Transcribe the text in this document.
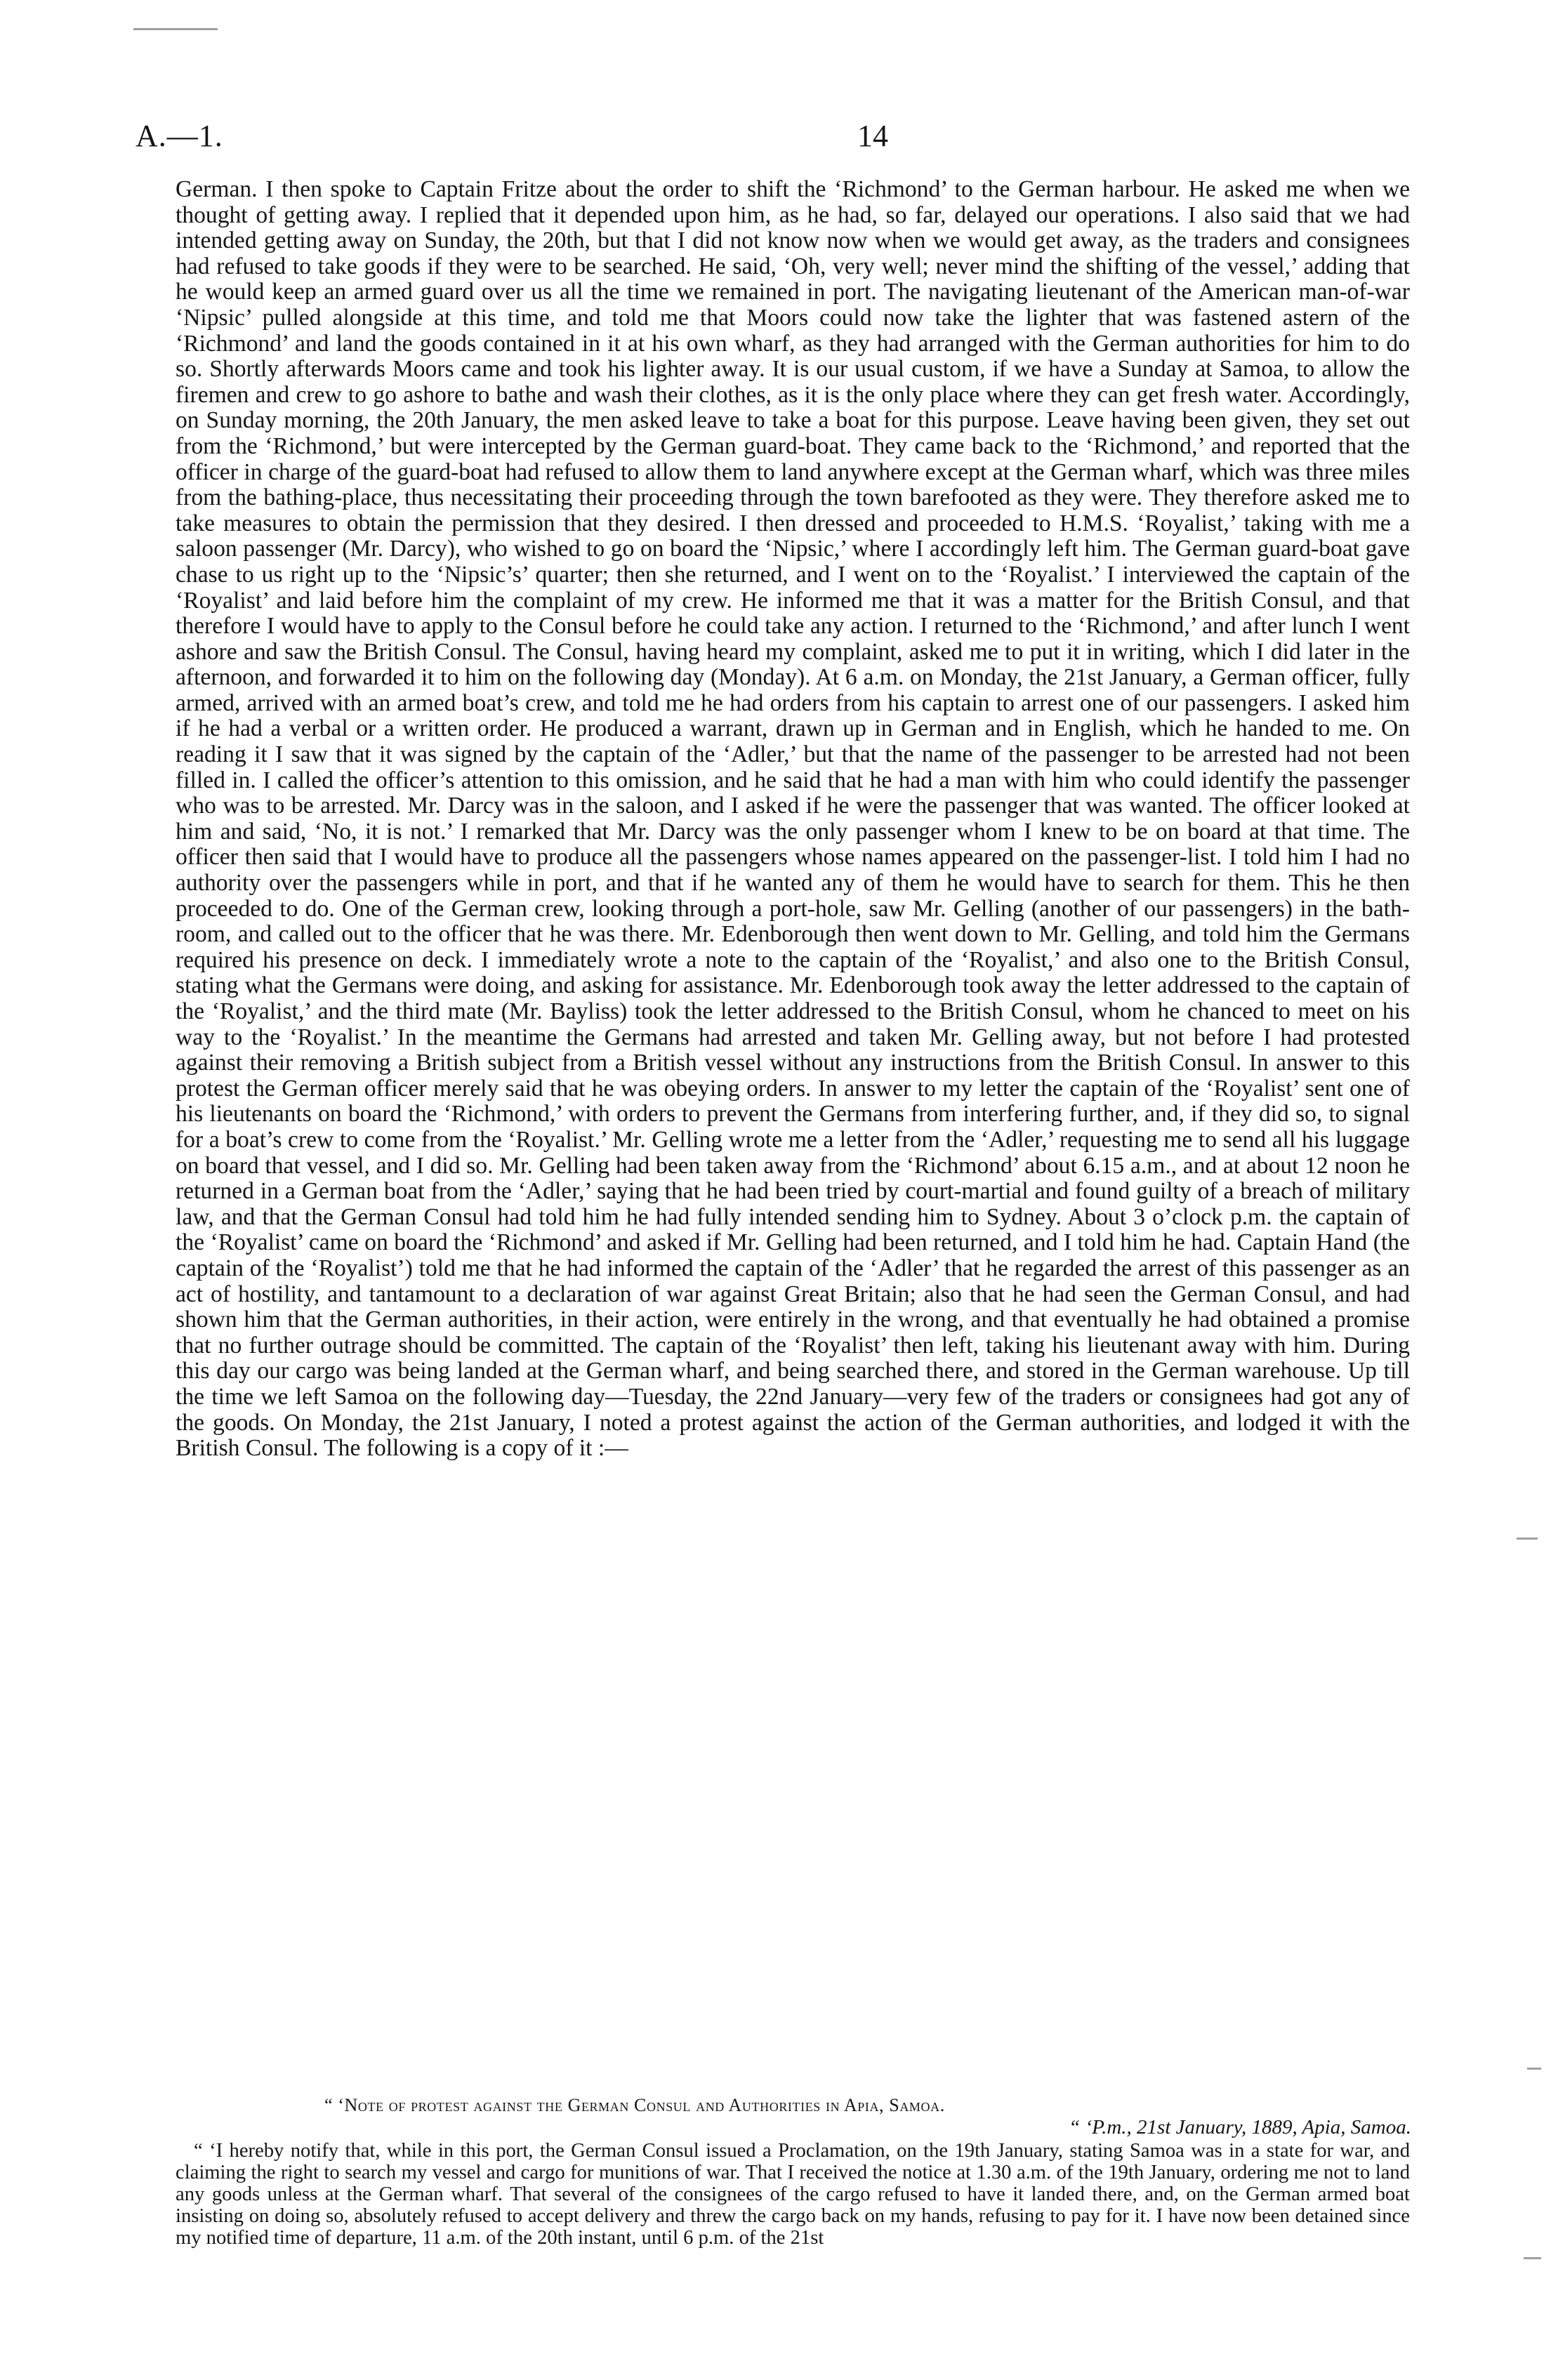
A.—1.	14

German. I then spoke to Captain Fritze about the order to shift the ‘Richmond’ to the German harbour. He asked me when we thought of getting away. I replied that it depended upon him, as he had, so far, delayed our operations. I also said that we had intended getting away on Sunday, the 20th, but that I did not know now when we would get away, as the traders and consignees had refused to take goods if they were to be searched. He said, ‘Oh, very well; never mind the shifting of the vessel,’ adding that he would keep an armed guard over us all the time we remained in port. The navigating lieutenant of the American man-of-war ‘Nipsic’ pulled alongside at this time, and told me that Moors could now take the lighter that was fastened astern of the ‘Richmond’ and land the goods contained in it at his own wharf, as they had arranged with the German authorities for him to do so. Shortly afterwards Moors came and took his lighter away. It is our usual custom, if we have a Sunday at Samoa, to allow the firemen and crew to go ashore to bathe and wash their clothes, as it is the only place where they can get fresh water. Accordingly, on Sunday morning, the 20th January, the men asked leave to take a boat for this purpose. Leave having been given, they set out from the ‘Richmond,’ but were intercepted by the German guard-boat. They came back to the ‘Richmond,’ and reported that the officer in charge of the guard-boat had refused to allow them to land anywhere except at the German wharf, which was three miles from the bathing-place, thus necessitating their proceeding through the town barefooted as they were. They therefore asked me to take measures to obtain the permission that they desired. I then dressed and proceeded to H.M.S. ‘Royalist,’ taking with me a saloon passenger (Mr. Darcy), who wished to go on board the ‘Nipsic,’ where I accordingly left him. The German guard-boat gave chase to us right up to the ‘Nipsic’s’ quarter; then she returned, and I went on to the ‘Royalist.’ I interviewed the captain of the ‘Royalist’ and laid before him the complaint of my crew. He informed me that it was a matter for the British Consul, and that therefore I would have to apply to the Consul before he could take any action. I returned to the ‘Richmond,’ and after lunch I went ashore and saw the British Consul. The Consul, having heard my complaint, asked me to put it in writing, which I did later in the afternoon, and forwarded it to him on the following day (Monday). At 6 a.m. on Monday, the 21st January, a German officer, fully armed, arrived with an armed boat’s crew, and told me he had orders from his captain to arrest one of our passengers. I asked him if he had a verbal or a written order. He produced a warrant, drawn up in German and in English, which he handed to me. On reading it I saw that it was signed by the captain of the ‘Adler,’ but that the name of the passenger to be arrested had not been filled in. I called the officer’s attention to this omission, and he said that he had a man with him who could identify the passenger who was to be arrested. Mr. Darcy was in the saloon, and I asked if he were the passenger that was wanted. The officer looked at him and said, ‘No, it is not.’ I remarked that Mr. Darcy was the only passenger whom I knew to be on board at that time. The officer then said that I would have to produce all the passengers whose names appeared on the passenger-list. I told him I had no authority over the passengers while in port, and that if he wanted any of them he would have to search for them. This he then proceeded to do. One of the German crew, looking through a port-hole, saw Mr. Gelling (another of our passengers) in the bath-room, and called out to the officer that he was there. Mr. Edenborough then went down to Mr. Gelling, and told him the Germans required his presence on deck. I immediately wrote a note to the captain of the ‘Royalist,’ and also one to the British Consul, stating what the Germans were doing, and asking for assistance. Mr. Edenborough took away the letter addressed to the captain of the ‘Royalist,’ and the third mate (Mr. Bayliss) took the letter addressed to the British Consul, whom he chanced to meet on his way to the ‘Royalist.’ In the meantime the Germans had arrested and taken Mr. Gelling away, but not before I had protested against their removing a British subject from a British vessel without any instructions from the British Consul. In answer to this protest the German officer merely said that he was obeying orders. In answer to my letter the captain of the ‘Royalist’ sent one of his lieutenants on board the ‘Richmond,’ with orders to prevent the Germans from interfering further, and, if they did so, to signal for a boat’s crew to come from the ‘Royalist.’ Mr. Gelling wrote me a letter from the ‘Adler,’ requesting me to send all his luggage on board that vessel, and I did so. Mr. Gelling had been taken away from the ‘Richmond’ about 6.15 a.m., and at about 12 noon he returned in a German boat from the ‘Adler,’ saying that he had been tried by court-martial and found guilty of a breach of military law, and that the German Consul had told him he had fully intended sending him to Sydney. About 3 o’clock p.m. the captain of the ‘Royalist’ came on board the ‘Richmond’ and asked if Mr. Gelling had been returned, and I told him he had. Captain Hand (the captain of the ‘Royalist’) told me that he had informed the captain of the ‘Adler’ that he regarded the arrest of this passenger as an act of hostility, and tantamount to a declaration of war against Great Britain; also that he had seen the German Consul, and had shown him that the German authorities, in their action, were entirely in the wrong, and that eventually he had obtained a promise that no further outrage should be committed. The captain of the ‘Royalist’ then left, taking his lieutenant away with him. During this day our cargo was being landed at the German wharf, and being searched there, and stored in the German warehouse. Up till the time we left Samoa on the following day—Tuesday, the 22nd January—very few of the traders or consignees had got any of the goods. On Monday, the 21st January, I noted a protest against the action of the German authorities, and lodged it with the British Consul. The following is a copy of it :—

“ ‘Note of protest against the German Consul and Authorities in Apia, Samoa.
“ ‘P.m., 21st January, 1889, Apia, Samoa.

“ ‘I hereby notify that, while in this port, the German Consul issued a Proclamation, on the 19th January, stating Samoa was in a state for war, and claiming the right to search my vessel and cargo for munitions of war. That I received the notice at 1.30 a.m. of the 19th January, ordering me not to land any goods unless at the German wharf. That several of the consignees of the cargo refused to have it landed there, and, on the German armed boat insisting on doing so, absolutely refused to accept delivery and threw the cargo back on my hands, refusing to pay for it. I have now been detained since my notified time of departure, 11 a.m. of the 20th instant, until 6 p.m. of the 21st
